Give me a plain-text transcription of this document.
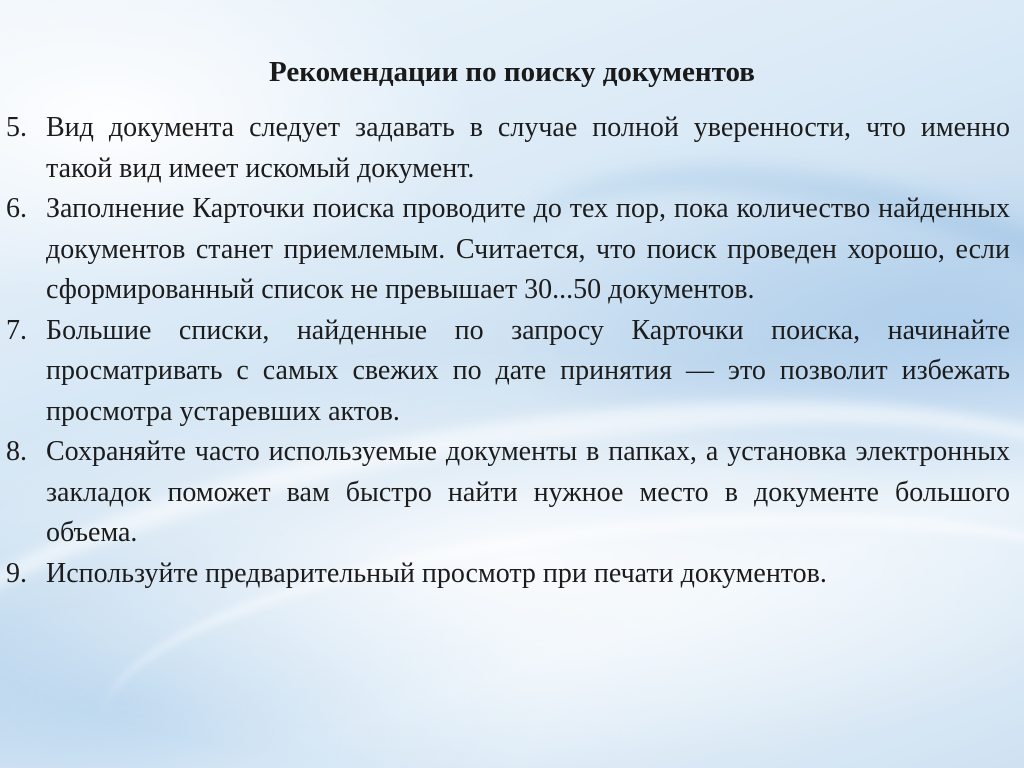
Рекомендации по поиску документов
5. Вид документа следует задавать в случае полной уверенности, что именно такой вид имеет искомый документ.
6. Заполнение Карточки поиска проводите до тех пор, пока количество найденных документов станет приемлемым. Считается, что поиск проведен хорошо, если сформированный список не превышает 30...50 документов.
7. Большие списки, найденные по запросу Карточки поиска, начинайте просматривать с самых свежих по дате принятия — это позволит избежать просмотра устаревших актов.
8. Сохраняйте часто используемые документы в папках, а установка электронных закладок поможет вам быстро найти нужное место в документе большого объема.
9. Используйте предварительный просмотр при печати документов.
